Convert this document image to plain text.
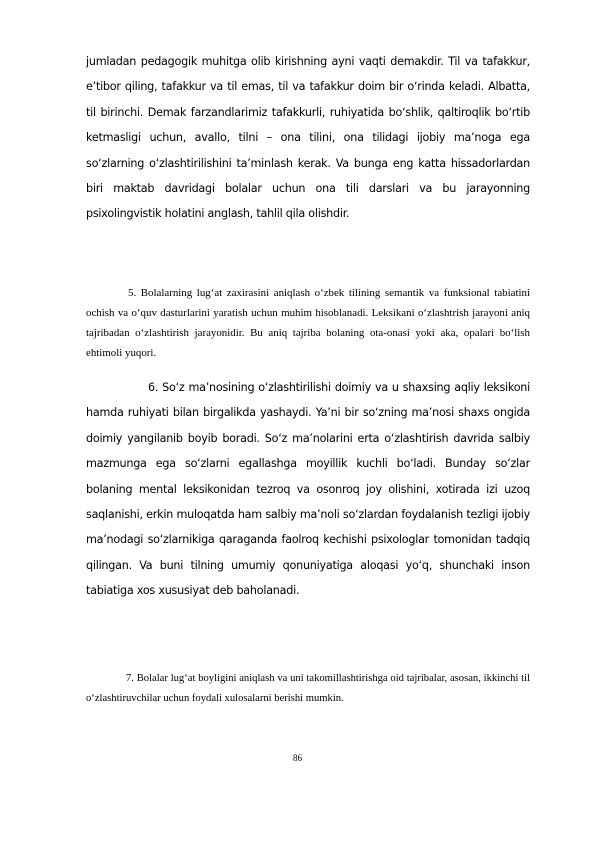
jumladan pedagogik muhitga olib kirishning ayni vaqti demakdir. Til va tafakkur, e’tibor qiling, tafakkur va til emas, til va tafakkur doim bir o‘rinda keladi. Albatta, til birinchi. Demak farzandlarimiz tafakkurli, ruhiyatida bo‘shlik, qaltiroqlik bo‘rtib ketmasligi uchun, avallo, tilni – ona tilini, ona tilidagi ijobiy ma’noga ega so‘zlarning o‘zlashtirilishini ta’minlash kerak. Va bunga eng katta hissadorlardan biri maktab davridagi bolalar uchun ona tili darslari va bu jarayonning psixolingvistik holatini anglash, tahlil qila olishdir.

5. Bolalarning lug‘at zaxirasini aniqlash o‘zbek tilining semantik va funksional tabiatini ochish va o‘quv dasturlarini yaratish uchun muhim hisoblanadi. Leksikani o‘zlashtrish jarayoni aniq tajribadan o‘zlashtirish jarayonidir. Bu aniq tajriba bolaning ota-onasi yoki aka, opalari bo‘lish ehtimoli yuqori.

6. So‘z ma’nosining o‘zlashtirilishi doimiy va u shaxsing aqliy leksikoni hamda ruhiyati bilan birgalikda yashaydi. Ya’ni bir so‘zning ma’nosi shaxs ongida doimiy yangilanib boyib boradi. So‘z ma’nolarini erta o‘zlashtirish davrida salbiy mazmunga ega so‘zlarni egallashga moyillik kuchli bo‘ladi. Bunday so‘zlar bolaning mental leksikonidan tezroq va osonroq joy olishini, xotirada izi uzoq saqlanishi, erkin muloqatda ham salbiy ma’noli so‘zlardan foydalanish tezligi ijobiy ma’nodagi so‘zlarnikiga qaraganda faolroq kechishi psixologlar tomonidan tadqiq qilingan. Va buni tilning umumiy qonuniyatiga aloqasi yo‘q, shunchaki inson tabiatiga xos xususiyat deb baholanadi.

7. Bolalar lug‘at boyligini aniqlash va uni takomillashtirishga oid tajribalar, asosan, ikkinchi til o‘zlashtiruvchilar uchun foydali xulosalarni berishi mumkin.

86
